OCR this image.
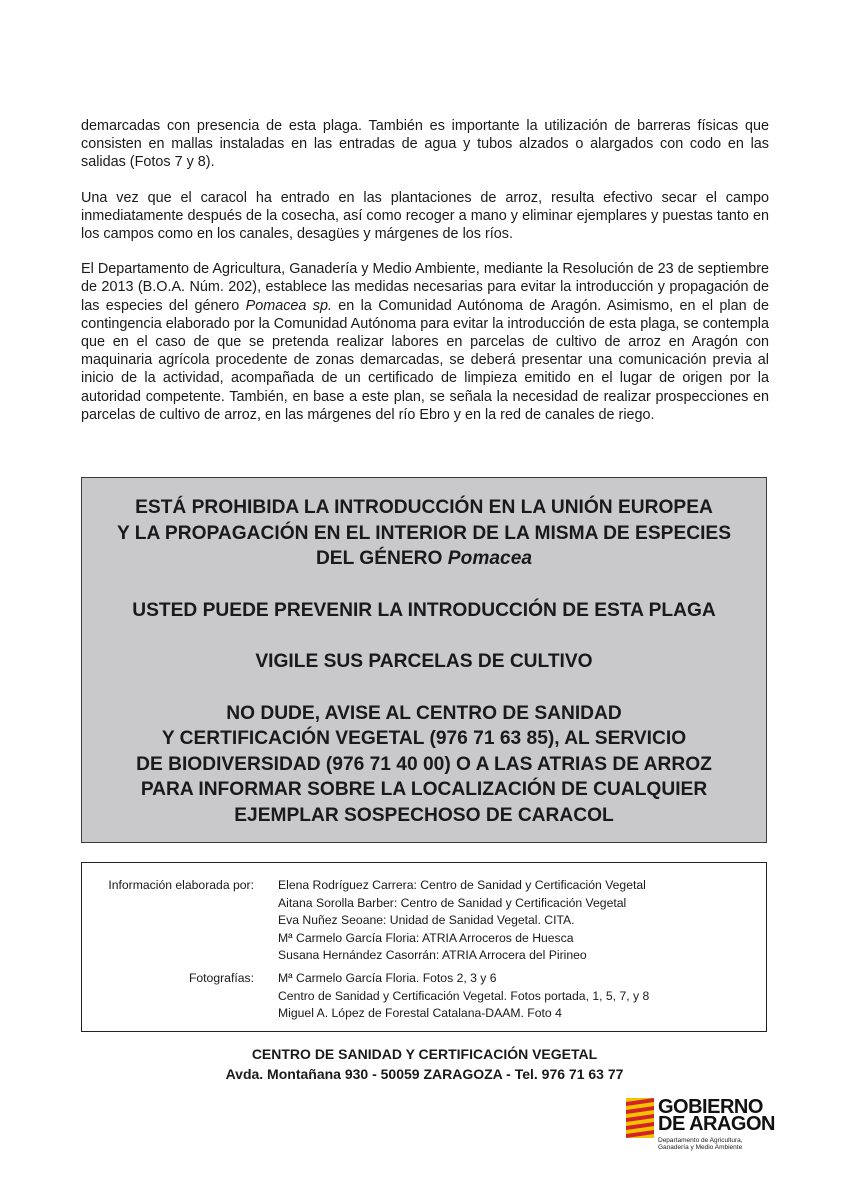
demarcadas con presencia de esta plaga. También es importante la utilización de barreras físicas que consisten en mallas instaladas en las entradas de agua y tubos alzados o alargados con codo en las salidas (Fotos 7 y 8).

Una vez que el caracol ha entrado en las plantaciones de arroz, resulta efectivo secar el campo inmediatamente después de la cosecha, así como recoger a mano y eliminar ejemplares y puestas tanto en los campos como en los canales, desagües y márgenes de los ríos.

El Departamento de Agricultura, Ganadería y Medio Ambiente, mediante la Resolución de 23 de septiembre de 2013 (B.O.A. Núm. 202), establece las medidas necesarias para evitar la introducción y propagación de las especies del género Pomacea sp. en la Comunidad Autónoma de Aragón. Asimismo, en el plan de contingencia elaborado por la Comunidad Autónoma para evitar la introducción de esta plaga, se contempla que en el caso de que se pretenda realizar labores en parcelas de cultivo de arroz en Aragón con maquinaria agrícola procedente de zonas demarcadas, se deberá presentar una comunicación previa al inicio de la actividad, acompañada de un certificado de limpieza emitido en el lugar de origen por la autoridad competente. También, en base a este plan, se señala la necesidad de realizar prospecciones en parcelas de cultivo de arroz, en las márgenes del río Ebro y en la red de canales de riego.

ESTÁ PROHIBIDA LA INTRODUCCIÓN EN LA UNIÓN EUROPEA
Y LA PROPAGACIÓN EN EL INTERIOR DE LA MISMA DE ESPECIES
DEL GÉNERO Pomacea
USTED PUEDE PREVENIR LA INTRODUCCIÓN DE ESTA PLAGA
VIGILE SUS PARCELAS DE CULTIVO
NO DUDE, AVISE AL CENTRO DE SANIDAD
Y CERTIFICACIÓN VEGETAL (976 71 63 85), AL SERVICIO
DE BIODIVERSIDAD (976 71 40 00) O A LAS ATRIAS DE ARROZ
PARA INFORMAR SOBRE LA LOCALIZACIÓN DE CUALQUIER
EJEMPLAR SOSPECHOSO DE CARACOL
Información elaborada por: Elena Rodríguez Carrera: Centro de Sanidad y Certificación Vegetal
Aitana Sorolla Barber: Centro de Sanidad y Certificación Vegetal
Eva Nuñez Seoane: Unidad de Sanidad Vegetal. CITA.
Mª Carmelo García Floria: ATRIA Arroceros de Huesca
Susana Hernández Casorrán: ATRIA Arrocera del Pirineo
Fotografías: Mª Carmelo García Floria. Fotos 2, 3 y 6
Centro de Sanidad y Certificación Vegetal. Fotos portada, 1, 5, 7, y 8
Miguel A. López de Forestal Catalana-DAAM. Foto 4
CENTRO DE SANIDAD Y CERTIFICACIÓN VEGETAL
Avda. Montañana 930 - 50059 ZARAGOZA - Tel. 976 71 63 77
GOBIERNO
DE ARAGON
Departamento de Agricultura,
Ganadería y Medio Ambiente
